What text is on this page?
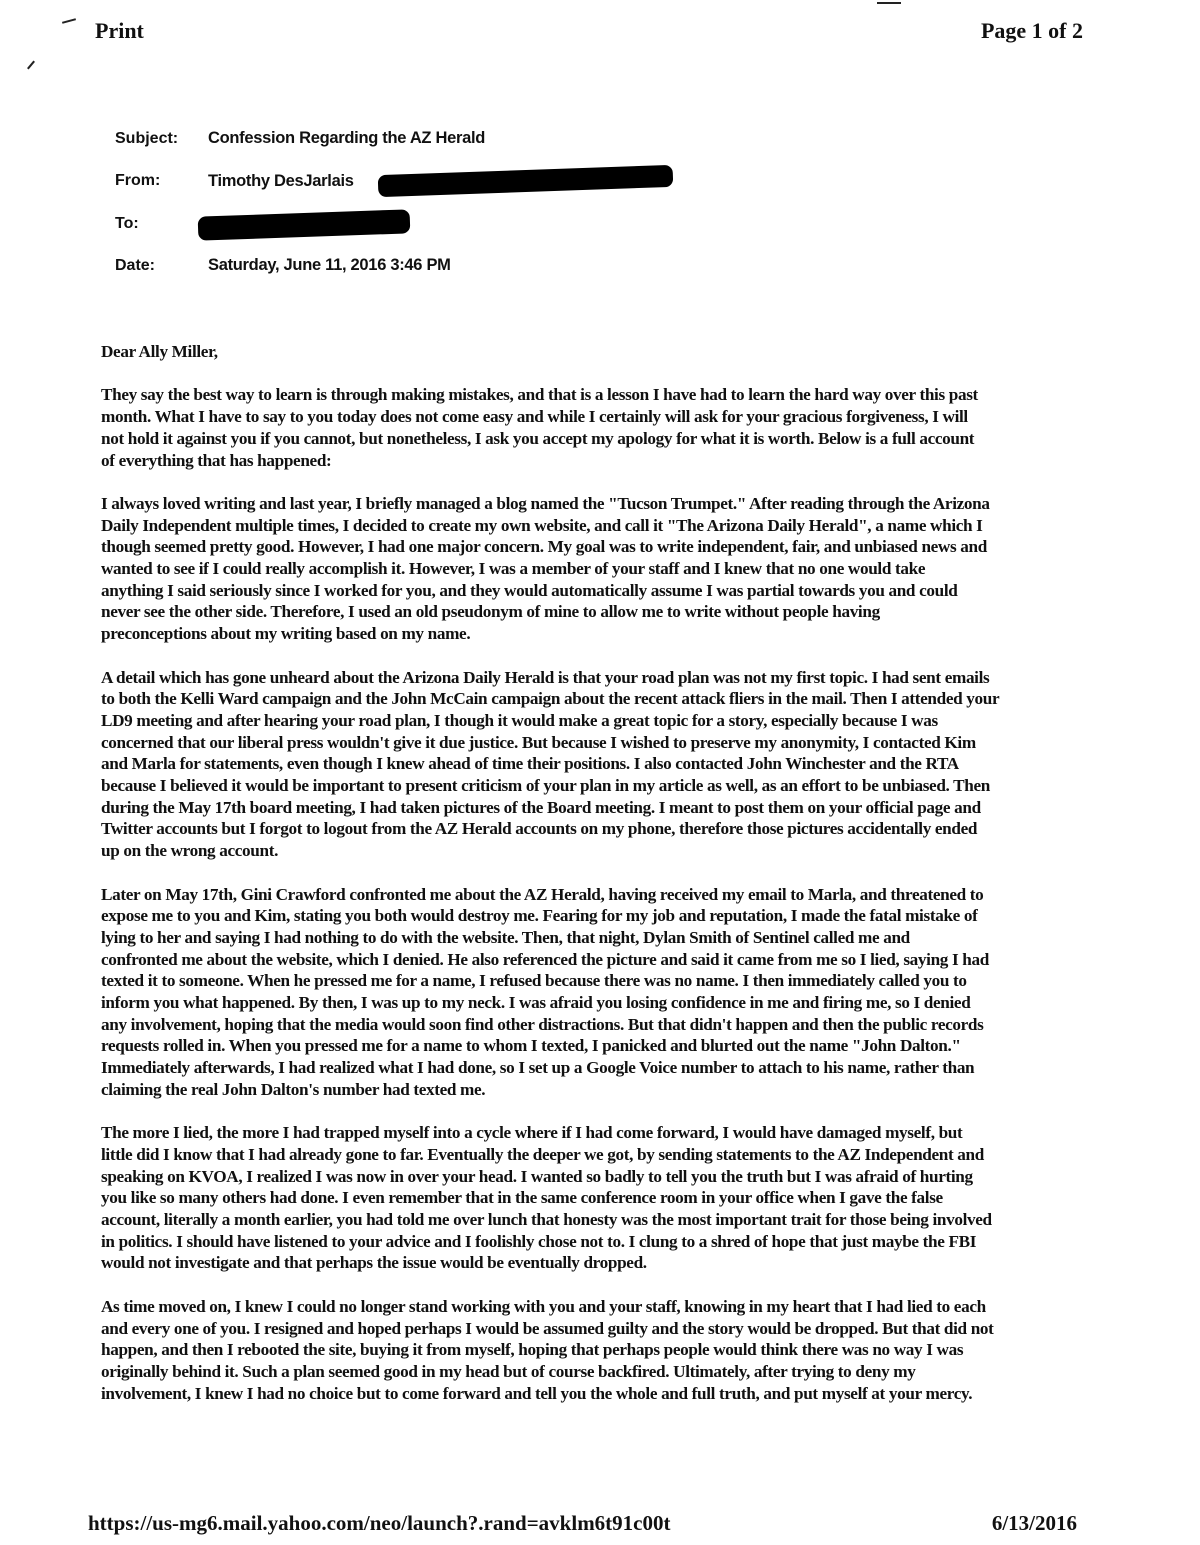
Print	Page 1 of 2
Subject: Confession Regarding the AZ Herald
From:	Timothy DesJarlais
To:
Date:	Saturday, June 11, 2016 3:46 PM
Dear Ally Miller,
They say the best way to learn is through making mistakes, and that is a lesson I have had to learn the hard way over this past
month. What I have to say to you today does not come easy and while I certainly will ask for your gracious forgiveness, I will
not hold it against you if you cannot, but nonetheless, I ask you accept my apology for what it is worth. Below is a full account
of everything that has happened:
I always loved writing and last year, I briefly managed a blog named the "Tucson Trumpet." After reading through the Arizona
Daily Independent multiple times, I decided to create my own website, and call it "The Arizona Daily Herald", a name which I
though seemed pretty good. However, I had one major concern. My goal was to write independent, fair, and unbiased news and
wanted to see if I could really accomplish it. However, I was a member of your staff and I knew that no one would take
anything I said seriously since I worked for you, and they would automatically assume I was partial towards you and could
never see the other side. Therefore, I used an old pseudonym of mine to allow me to write without people having
preconceptions about my writing based on my name.
A detail which has gone unheard about the Arizona Daily Herald is that your road plan was not my first topic. I had sent emails
to both the Kelli Ward campaign and the John McCain campaign about the recent attack fliers in the mail. Then I attended your
LD9 meeting and after hearing your road plan, I though it would make a great topic for a story, especially because I was
concerned that our liberal press wouldn't give it due justice. But because I wished to preserve my anonymity, I contacted Kim
and Marla for statements, even though I knew ahead of time their positions. I also contacted John Winchester and the RTA
because I believed it would be important to present criticism of your plan in my article as well, as an effort to be unbiased. Then
during the May 17th board meeting, I had taken pictures of the Board meeting. I meant to post them on your official page and
Twitter accounts but I forgot to logout from the AZ Herald accounts on my phone, therefore those pictures accidentally ended
up on the wrong account.
Later on May 17th, Gini Crawford confronted me about the AZ Herald, having received my email to Marla, and threatened to
expose me to you and Kim, stating you both would destroy me. Fearing for my job and reputation, I made the fatal mistake of
lying to her and saying I had nothing to do with the website. Then, that night, Dylan Smith of Sentinel called me and
confronted me about the website, which I denied. He also referenced the picture and said it came from me so I lied, saying I had
texted it to someone. When he pressed me for a name, I refused because there was no name. I then immediately called you to
inform you what happened. By then, I was up to my neck. I was afraid you losing confidence in me and firing me, so I denied
any involvement, hoping that the media would soon find other distractions. But that didn't happen and then the public records
requests rolled in. When you pressed me for a name to whom I texted, I panicked and blurted out the name "John Dalton."
Immediately afterwards, I had realized what I had done, so I set up a Google Voice number to attach to his name, rather than
claiming the real John Dalton's number had texted me.
The more I lied, the more I had trapped myself into a cycle where if I had come forward, I would have damaged myself, but
little did I know that I had already gone to far. Eventually the deeper we got, by sending statements to the AZ Independent and
speaking on KVOA, I realized I was now in over your head. I wanted so badly to tell you the truth but I was afraid of hurting
you like so many others had done. I even remember that in the same conference room in your office when I gave the false
account, literally a month earlier, you had told me over lunch that honesty was the most important trait for those being involved
in politics. I should have listened to your advice and I foolishly chose not to. I clung to a shred of hope that just maybe the FBI
would not investigate and that perhaps the issue would be eventually dropped.
As time moved on, I knew I could no longer stand working with you and your staff, knowing in my heart that I had lied to each
and every one of you. I resigned and hoped perhaps I would be assumed guilty and the story would be dropped. But that did not
happen, and then I rebooted the site, buying it from myself, hoping that perhaps people would think there was no way I was
originally behind it. Such a plan seemed good in my head but of course backfired. Ultimately, after trying to deny my
involvement, I knew I had no choice but to come forward and tell you the whole and full truth, and put myself at your mercy.
https://us-mg6.mail.yahoo.com/neo/launch?.rand=avklm6t91c00t	6/13/2016
